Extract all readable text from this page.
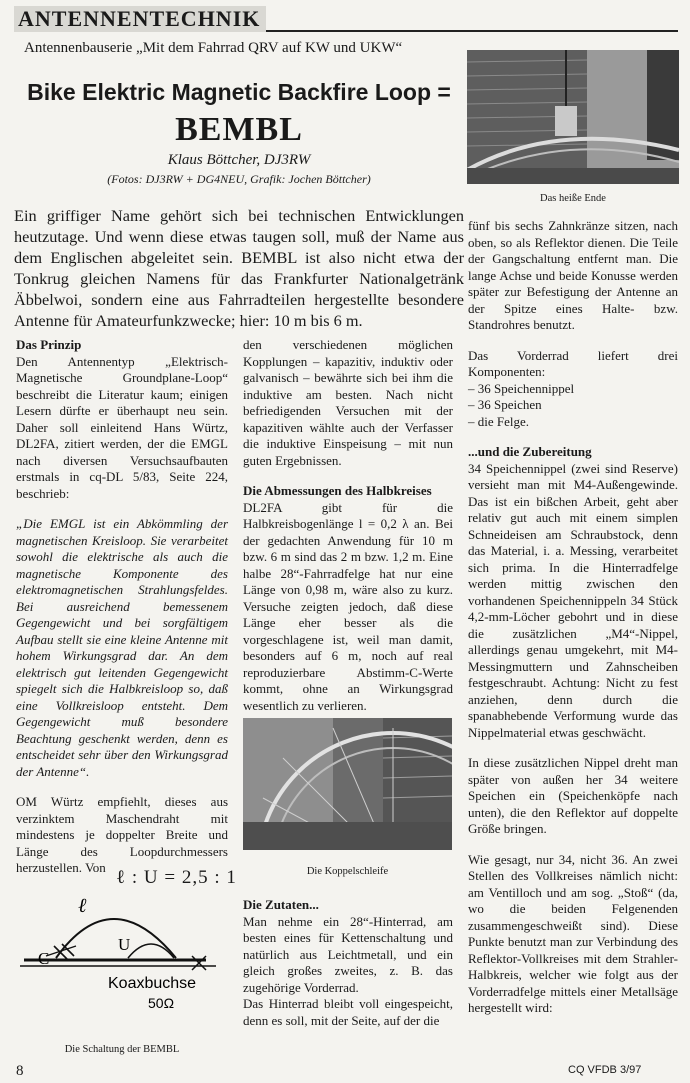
ANTENNENTECHNIK
Antennenbauserie „Mit dem Fahrrad QRV auf KW und UKW“
Bike Elektric Magnetic Backfire Loop =
BEMBL
Klaus Böttcher, DJ3RW
(Fotos: DJ3RW + DG4NEU, Grafik: Jochen Böttcher)
Ein griffiger Name gehört sich bei technischen Entwicklungen heutzutage. Und wenn diese etwas taugen soll, muß der Name aus dem Englischen abgeleitet sein. BEMBL ist also nicht etwa der Tonkrug gleichen Namens für das Frankfurter Nationalgetränk Äbbelwoi, sondern eine aus Fahrradteilen hergestellte besondere Antenne für Amateurfunkzwecke; hier: 10 m bis 6 m.
Das heiße Ende
Das Prinzip

Den Antennentyp „Elektrisch-Magnetische Groundplane-Loop“ beschreibt die Literatur kaum; einigen Lesern dürfte er überhaupt neu sein. Daher soll einleitend Hans Würtz, DL2FA, zitiert werden, der die EMGL nach diversen Versuchsaufbauten erstmals in cq-DL 5/83, Seite 224, beschrieb:

„Die EMGL ist ein Abkömmling der magnetischen Kreisloop. Sie verarbeitet sowohl die elektrische als auch die magnetische Komponente des elektromagnetischen Strahlungsfeldes. Bei ausreichend bemessenem Gegengewicht und bei sorgfältigem Aufbau stellt sie eine kleine Antenne mit hohem Wirkungsgrad dar. An dem elektrisch gut leitenden Gegengewicht spiegelt sich die Halbkreisloop so, daß eine Vollkreisloop entsteht. Dem Gegengewicht muß besondere Beachtung geschenkt werden, denn es entscheidet sehr über den Wirkungsgrad der Antenne“.

OM Würtz empfiehlt, dieses aus verzinktem Maschendraht mit mindestens je doppelter Breite und Länge des Loopdurchmessers herzustellen. Von ℓ : U = 2,5 : 1
ℓ
C
U
Koaxbuchse
50Ω
Die Schaltung der BEMBL

den verschiedenen möglichen Kopplungen – kapazitiv, induktiv oder galvanisch – bewährte sich bei ihm die induktive am besten. Nach nicht befriedigenden Versuchen mit der kapazitiven wählte auch der Verfasser die induktive Einspeisung – mit nun guten Ergebnissen.

Die Abmessungen des Halbkreises

DL2FA gibt für die Halbkreisbogenlänge l = 0,2 λ an. Bei der gedachten Anwendung für 10 m bzw. 6 m sind das 2 m bzw. 1,2 m. Eine halbe 28“-Fahrradfelge hat nur eine Länge von 0,98 m, wäre also zu kurz. Versuche zeigten jedoch, daß diese Länge eher besser als die vorgeschlagene ist, weil man damit, besonders auf 6 m, noch auf real reproduzierbare Abstimm-C-Werte kommt, ohne an Wirkungsgrad wesentlich zu verlieren.

Die Koppelschleife
Die Zutaten...

Man nehme ein 28“-Hinterrad, am besten eines für Kettenschaltung und natürlich aus Leichtmetall, und ein gleich großes zweites, z. B. das zugehörige Vorderrad.

Das Hinterrad bleibt voll eingespeicht, denn es soll, mit der Seite, auf der die

fünf bis sechs Zahnkränze sitzen, nach oben, so als Reflektor dienen. Die Teile der Gangschaltung entfernt man. Die lange Achse und beide Konusse werden später zur Befestigung der Antenne an der Spitze eines Halte- bzw. Standrohres benutzt.

Das Vorderrad liefert drei Komponenten:

– 36 Speichennippel

– 36 Speichen

– die Felge.

...und die Zubereitung

34 Speichennippel (zwei sind Reserve) versieht man mit M4-Außengewinde. Das ist ein bißchen Arbeit, geht aber relativ gut auch mit einem simplen Schneideisen am Schraubstock, denn das Material, i. a. Messing, verarbeitet sich prima. In die Hinterradfelge werden mittig zwischen den vorhandenen Speichennippeln 34 Stück 4,2-mm-Löcher gebohrt und in diese die zusätzlichen „M4“-Nippel, allerdings genau umgekehrt, mit M4-Messingmuttern und Zahnscheiben festgeschraubt. Achtung: Nicht zu fest anziehen, denn durch die spanabhebende Verformung wurde das Nippelmaterial etwas geschwächt.

In diese zusätzlichen Nippel dreht man später von außen her 34 weitere Speichen ein (Speichenköpfe nach unten), die den Reflektor auf doppelte Größe bringen.

Wie gesagt, nur 34, nicht 36. An zwei Stellen des Vollkreises nämlich nicht: am Ventilloch und am sog. „Stoß“ (da, wo die beiden Felgenenden zusammengeschweißt sind). Diese Punkte benutzt man zur Verbindung des Reflektor-Vollkreises mit dem Strahler-Halbkreis, welcher wie folgt aus der Vorderradfelge mittels einer Metallsäge hergestellt wird:

8	CQ VFDB 3/97
